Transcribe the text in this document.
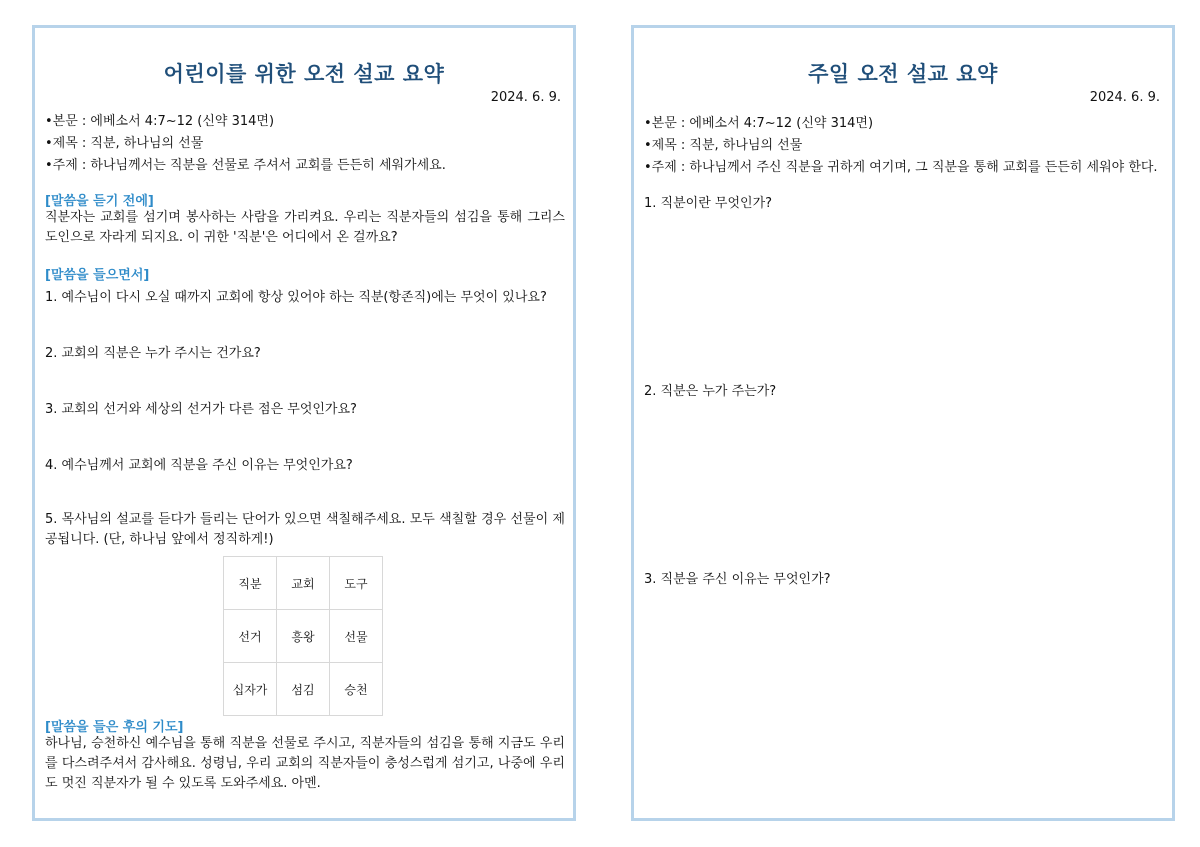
어린이를 위한 오전 설교 요약
2024. 6. 9.
•본문 : 에베소서 4:7~12 (신약 314면)
•제목 : 직분, 하나님의 선물
•주제 : 하나님께서는 직분을 선물로 주셔서 교회를 든든히 세워가세요.
[말씀을 듣기 전에]
직분자는 교회를 섬기며 봉사하는 사람을 가리켜요. 우리는 직분자들의 섬김을 통해 그리스도인으로 자라게 되지요. 이 귀한 '직분'은 어디에서 온 걸까요?
[말씀을 들으면서]
1. 예수님이 다시 오실 때까지 교회에 항상 있어야 하는 직분(항존직)에는 무엇이 있나요?
2. 교회의 직분은 누가 주시는 건가요?
3. 교회의 선거와 세상의 선거가 다른 점은 무엇인가요?
4. 예수님께서 교회에 직분을 주신 이유는 무엇인가요?
5. 목사님의 설교를 듣다가 들리는 단어가 있으면 색칠해주세요. 모두 색칠할 경우 선물이 제공됩니다. (단, 하나님 앞에서 정직하게!)
직분	교회	도구
선거	흥왕	선물
십자가	섬김	승천
[말씀을 들은 후의 기도]
하나님, 승천하신 예수님을 통해 직분을 선물로 주시고, 직분자들의 섬김을 통해 지금도 우리를 다스려주셔서 감사해요. 성령님, 우리 교회의 직분자들이 충성스럽게 섬기고, 나중에 우리도 멋진 직분자가 될 수 있도록 도와주세요. 아멘.
주일 오전 설교 요약
2024. 6. 9.
•본문 : 에베소서 4:7~12 (신약 314면)
•제목 : 직분, 하나님의 선물
•주제 : 하나님께서 주신 직분을 귀하게 여기며, 그 직분을 통해 교회를 든든히 세워야 한다.
1. 직분이란 무엇인가?
2. 직분은 누가 주는가?
3. 직분을 주신 이유는 무엇인가?
